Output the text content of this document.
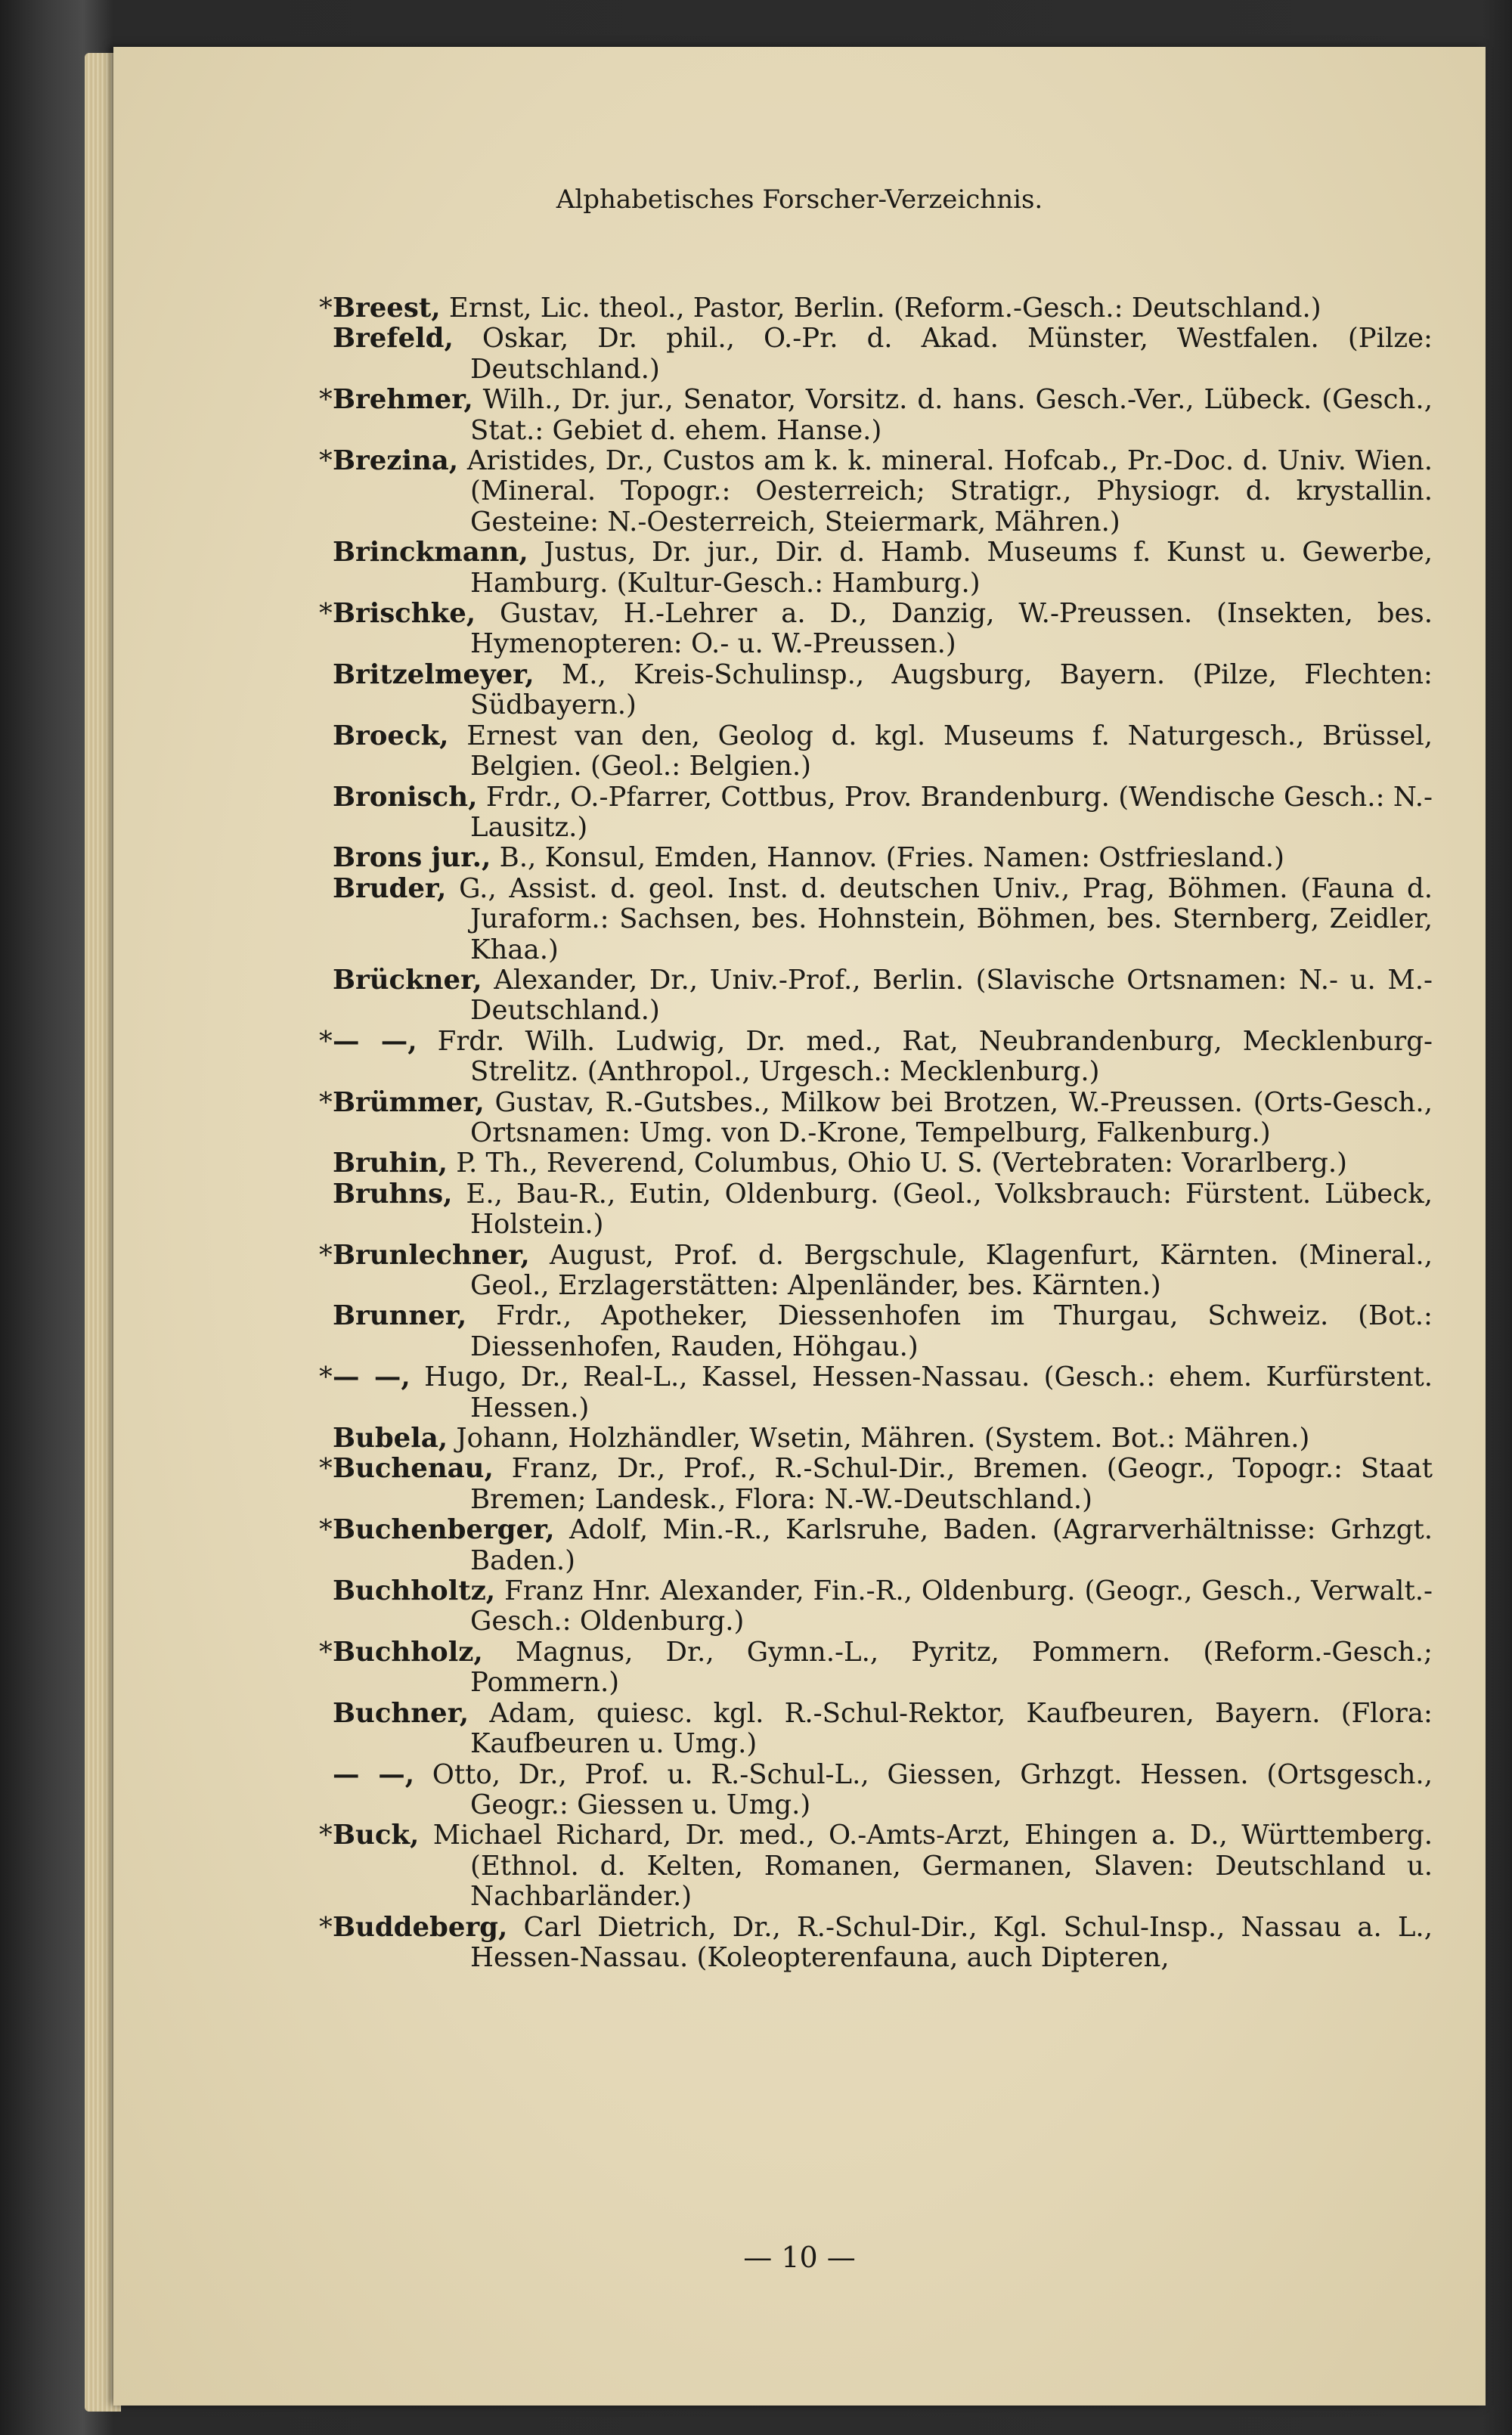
Alphabetisches Forscher-Verzeichnis.
* Breest, Ernst, Lic. theol., Pastor, Berlin. (Reform.-Gesch.: Deutschland.)
Brefeld, Oskar, Dr. phil., O.-Pr. d. Akad. Münster, Westfalen. (Pilze: Deutschland.)
* Brehmer, Wilh., Dr. jur., Senator, Vorsitz. d. hans. Gesch.-Ver., Lübeck. (Gesch., Stat.: Gebiet d. ehem. Hanse.)
* Brezina, Aristides, Dr., Custos am k. k. mineral. Hofcab., Pr.-Doc. d. Univ. Wien. (Mineral. Topogr.: Oesterreich; Stratigr., Physiogr. d. krystallin. Gesteine: N.-Oesterreich, Steiermark, Mähren.)
Brinckmann, Justus, Dr. jur., Dir. d. Hamb. Museums f. Kunst u. Gewerbe, Hamburg. (Kultur-Gesch.: Hamburg.)
* Brischke, Gustav, H.-Lehrer a. D., Danzig, W.-Preussen. (Insekten, bes. Hymenopteren: O.- u. W.-Preussen.)
Britzelmeyer, M., Kreis-Schulinsp., Augsburg, Bayern. (Pilze, Flechten: Südbayern.)
Broeck, Ernest van den, Geolog d. kgl. Museums f. Naturgesch., Brüssel, Belgien. (Geol.: Belgien.)
Bronisch, Frdr., O.-Pfarrer, Cottbus, Prov. Brandenburg. (Wendische Gesch.: N.-Lausitz.)
Brons jur., B., Konsul, Emden, Hannov. (Fries. Namen: Ostfriesland.)
Bruder, G., Assist. d. geol. Inst. d. deutschen Univ., Prag, Böhmen. (Fauna d. Juraform.: Sachsen, bes. Hohnstein, Böhmen, bes. Sternberg, Zeidler, Khaa.)
Brückner, Alexander, Dr., Univ.-Prof., Berlin. (Slavische Ortsnamen: N.- u. M.-Deutschland.)
* — —, Frdr. Wilh. Ludwig, Dr. med., Rat, Neubrandenburg, Mecklenburg-Strelitz. (Anthropol., Urgesch.: Mecklenburg.)
* Brümmer, Gustav, R.-Gutsbes., Milkow bei Brotzen, W.-Preussen. (Orts-Gesch., Ortsnamen: Umg. von D.-Krone, Tempelburg, Falkenburg.)
Bruhin, P. Th., Reverend, Columbus, Ohio U. S. (Vertebraten: Vorarlberg.)
Bruhns, E., Bau-R., Eutin, Oldenburg. (Geol., Volksbrauch: Fürstent. Lübeck, Holstein.)
* Brunlechner, August, Prof. d. Bergschule, Klagenfurt, Kärnten. (Mineral., Geol., Erzlagerstätten: Alpenländer, bes. Kärnten.)
Brunner, Frdr., Apotheker, Diessenhofen im Thurgau, Schweiz. (Bot.: Diessenhofen, Rauden, Höhgau.)
* — —, Hugo, Dr., Real-L., Kassel, Hessen-Nassau. (Gesch.: ehem. Kurfürstent. Hessen.)
Bubela, Johann, Holzhändler, Wsetin, Mähren. (System. Bot.: Mähren.)
* Buchenau, Franz, Dr., Prof., R.-Schul-Dir., Bremen. (Geogr., Topogr.: Staat Bremen; Landesk., Flora: N.-W.-Deutschland.)
* Buchenberger, Adolf, Min.-R., Karlsruhe, Baden. (Agrarverhältnisse: Grhzgt. Baden.)
Buchholtz, Franz Hnr. Alexander, Fin.-R., Oldenburg. (Geogr., Gesch., Verwalt.-Gesch.: Oldenburg.)
* Buchholz, Magnus, Dr., Gymn.-L., Pyritz, Pommern. (Reform.-Gesch.; Pommern.)
Buchner, Adam, quiesc. kgl. R.-Schul-Rektor, Kaufbeuren, Bayern. (Flora: Kaufbeuren u. Umg.)
— —, Otto, Dr., Prof. u. R.-Schul-L., Giessen, Grhzgt. Hessen. (Ortsgesch., Geogr.: Giessen u. Umg.)
* Buck, Michael Richard, Dr. med., O.-Amts-Arzt, Ehingen a. D., Württemberg. (Ethnol. d. Kelten, Romanen, Germanen, Slaven: Deutschland u. Nachbarländer.)
* Buddeberg, Carl Dietrich, Dr., R.-Schul-Dir., Kgl. Schul-Insp., Nassau a. L., Hessen-Nassau. (Koleopterenfauna, auch Dipteren,
— 10 —
